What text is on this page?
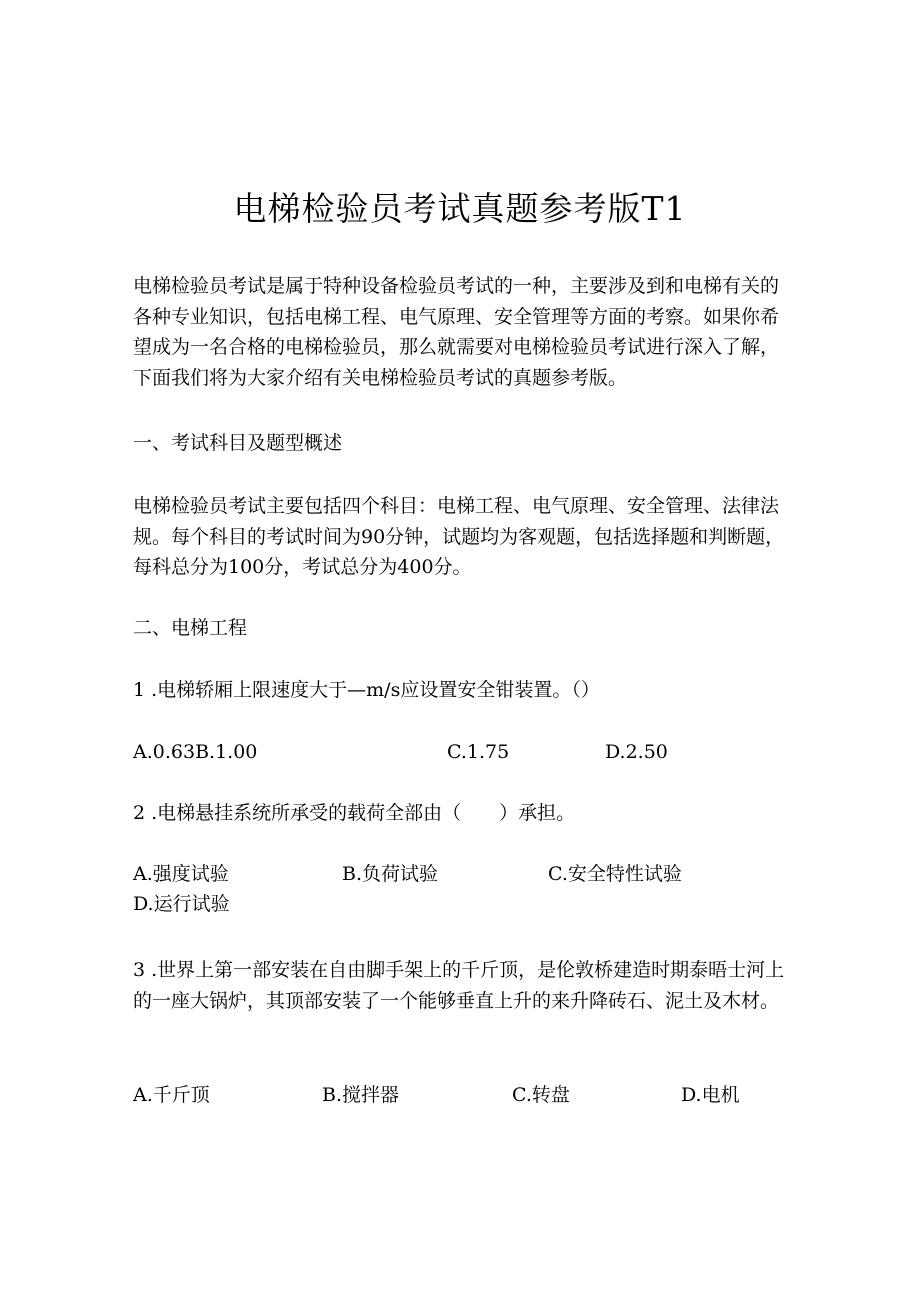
电梯检验员考试真题参考版T1
电梯检验员考试是属于特种设备检验员考试的一种，主要涉及到和电梯有关的各种专业知识，包括电梯工程、电气原理、安全管理等方面的考察。如果你希望成为一名合格的电梯检验员，那么就需要对电梯检验员考试进行深入了解，下面我们将为大家介绍有关电梯检验员考试的真题参考版。
一、考试科目及题型概述
电梯检验员考试主要包括四个科目：电梯工程、电气原理、安全管理、法律法规。每个科目的考试时间为90分钟，试题均为客观题，包括选择题和判断题，每科总分为100分，考试总分为400分。
二、电梯工程
1 .电梯轿厢上限速度大于—m/s应设置安全钳装置。（）
A.0.63B.1.00	C.1.75	D.2.50
2 .电梯悬挂系统所承受的载荷全部由（　　）承担。
A.强度试验	B.负荷试验	C.安全特性试验
D.运行试验
3 .世界上第一部安装在自由脚手架上的千斤顶，是伦敦桥建造时期泰晤士河上的一座大锅炉，其顶部安装了一个能够垂直上升的来升降砖石、泥土及木材。
A.千斤顶	B.搅拌器	C.转盘	D.电机
